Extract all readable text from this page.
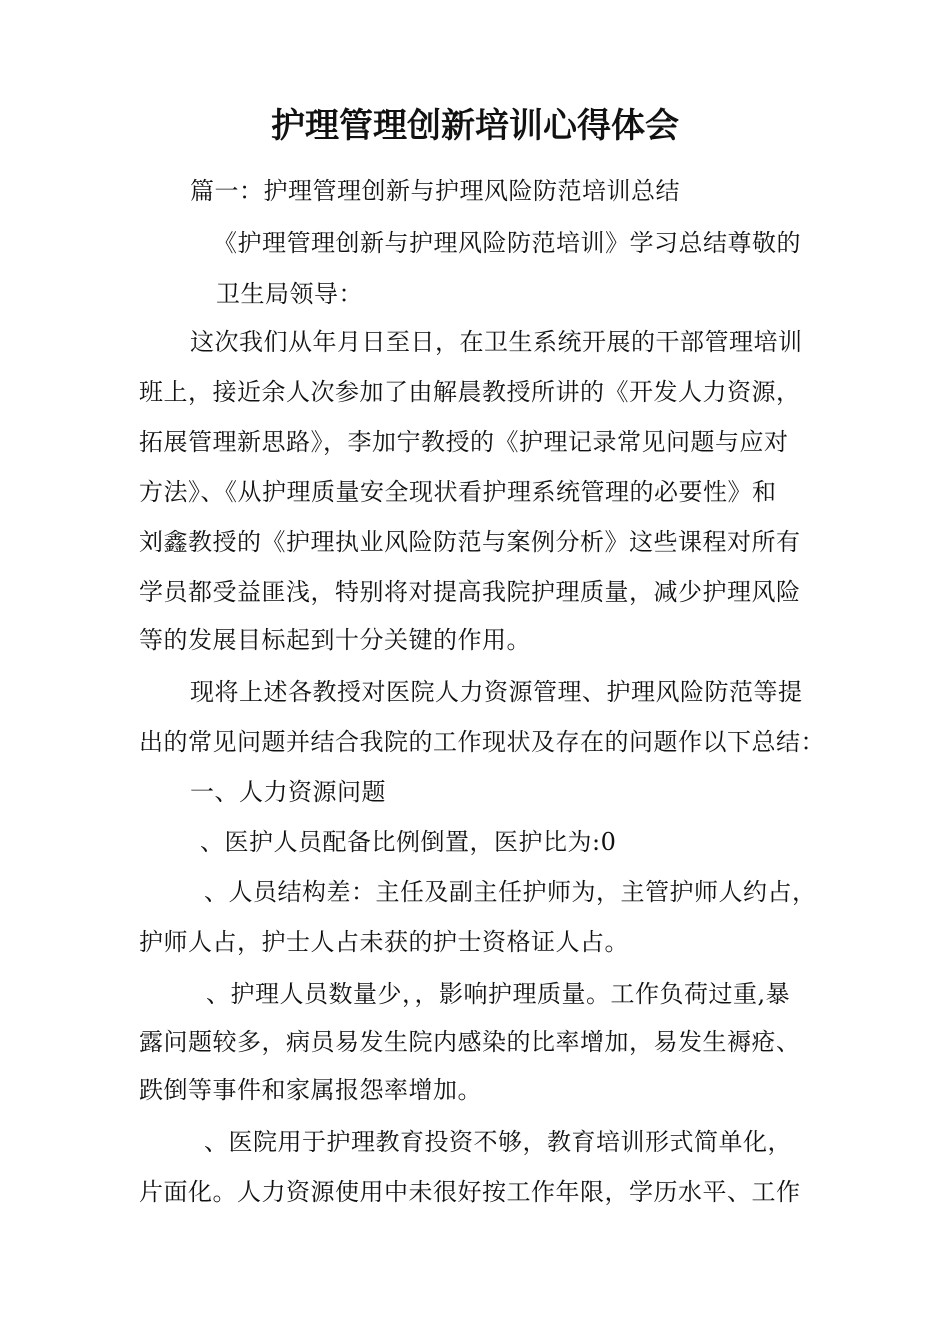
护理管理创新培训心得体会
篇一：护理管理创新与护理风险防范培训总结
《护理管理创新与护理风险防范培训》学习总结尊敬的
卫生局领导：
这次我们从年月日至日，在卫生系统开展的干部管理培训
班上，接近余人次参加了由解晨教授所讲的《开发人力资源，
拓展管理新思路》，李加宁教授的《护理记录常见问题与应对
方法》、《从护理质量安全现状看护理系统管理的必要性》和
刘鑫教授的《护理执业风险防范与案例分析》这些课程对所有
学员都受益匪浅，特别将对提高我院护理质量，减少护理风险
等的发展目标起到十分关键的作用。
现将上述各教授对医院人力资源管理、护理风险防范等提
出的常见问题并结合我院的工作现状及存在的问题作以下总结：
一、人力资源问题
、医护人员配备比例倒置，医护比为:0
、人员结构差：主任及副主任护师为，主管护师人约占，
护师人占，护士人占未获的护士资格证人占。
、护理人员数量少，，影响护理质量。工作负荷过重,暴
露问题较多，病员易发生院内感染的比率增加，易发生褥疮、
跌倒等事件和家属报怨率增加。
、医院用于护理教育投资不够，教育培训形式简单化，
片面化。人力资源使用中未很好按工作年限，学历水平、工作
